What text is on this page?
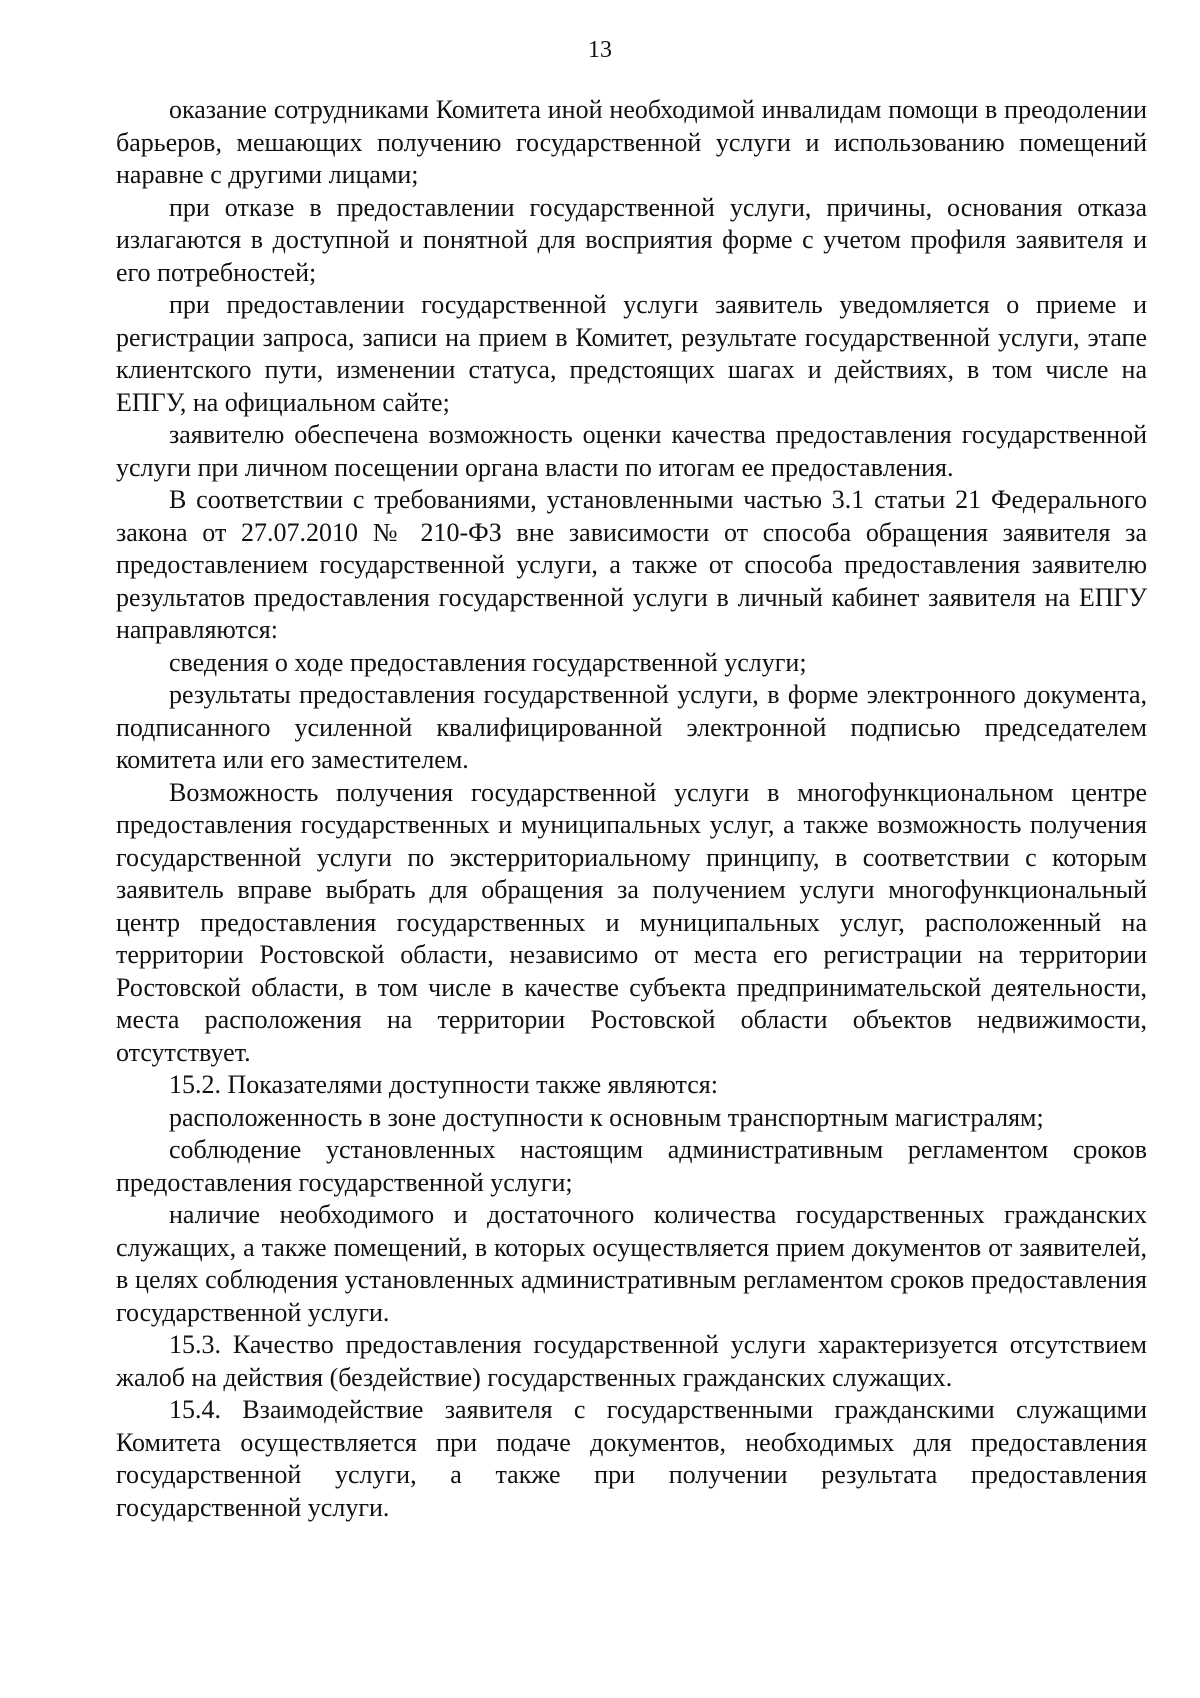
13

оказание сотрудниками Комитета иной необходимой инвалидам помощи в преодолении барьеров, мешающих получению государственной услуги и использованию помещений наравне с другими лицами;

при отказе в предоставлении государственной услуги, причины, основания отказа излагаются в доступной и понятной для восприятия форме с учетом профиля заявителя и его потребностей;

при предоставлении государственной услуги заявитель уведомляется о приеме и регистрации запроса, записи на прием в Комитет, результате государственной услуги, этапе клиентского пути, изменении статуса, предстоящих шагах и действиях, в том числе на ЕПГУ, на официальном сайте;

заявителю обеспечена возможность оценки качества предоставления государственной услуги при личном посещении органа власти по итогам ее предоставления.

В соответствии с требованиями, установленными частью 3.1 статьи 21 Федерального закона от 27.07.2010 № 210-ФЗ вне зависимости от способа обращения заявителя за предоставлением государственной услуги, а также от способа предоставления заявителю результатов предоставления государственной услуги в личный кабинет заявителя на ЕПГУ направляются:

сведения о ходе предоставления государственной услуги;

результаты предоставления государственной услуги, в форме электронного документа, подписанного усиленной квалифицированной электронной подписью председателем комитета или его заместителем.

Возможность получения государственной услуги в многофункциональном центре предоставления государственных и муниципальных услуг, а также возможность получения государственной услуги по экстерриториальному принципу, в соответствии с которым заявитель вправе выбрать для обращения за получением услуги многофункциональный центр предоставления государственных и муниципальных услуг, расположенный на территории Ростовской области, независимо от места его регистрации на территории Ростовской области, в том числе в качестве субъекта предпринимательской деятельности, места расположения на территории Ростовской области объектов недвижимости, отсутствует.

15.2. Показателями доступности также являются:

расположенность в зоне доступности к основным транспортным магистралям;

соблюдение установленных настоящим административным регламентом сроков предоставления государственной услуги;

наличие необходимого и достаточного количества государственных гражданских служащих, а также помещений, в которых осуществляется прием документов от заявителей, в целях соблюдения установленных административным регламентом сроков предоставления государственной услуги.

15.3. Качество предоставления государственной услуги характеризуется отсутствием жалоб на действия (бездействие) государственных гражданских служащих.

15.4. Взаимодействие заявителя с государственными гражданскими служащими Комитета осуществляется при подаче документов, необходимых для предоставления государственной услуги, а также при получении результата предоставления государственной услуги.
